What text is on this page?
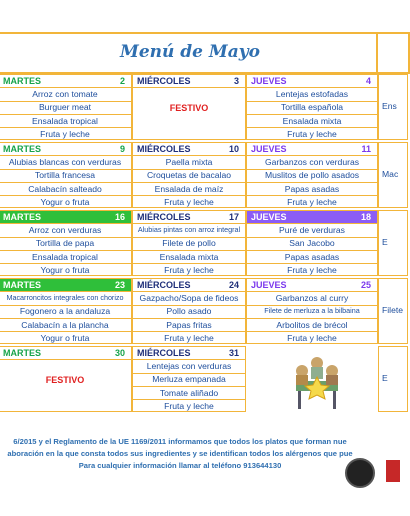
Menú de Mayo
MARTES	2
Arroz con tomate
Burguer meat
Ensalada tropical
Fruta y leche
MIÉRCOLES	3
FESTIVO
JUEVES	4
Lentejas estofadas
Tortilla española
Ensalada mixta
Fruta y leche
Ens
MARTES	9
Alubias blancas con verduras
Tortilla francesa
Calabacín salteado
Yogur o fruta
MIÉRCOLES	10
Paella mixta
Croquetas de bacalao
Ensalada de maíz
Fruta y leche
JUEVES	11
Garbanzos con verduras
Muslitos de pollo asados
Papas asadas
Fruta y leche
Mac
MARTES	16
Arroz con verduras
Tortilla de papa
Ensalada tropical
Yogur o fruta
MIÉRCOLES	17
Alubias pintas con arroz integral
Filete de pollo
Ensalada mixta
Fruta y leche
JUEVES	18
Puré de verduras
San Jacobo
Papas asadas
Fruta y leche
E
MARTES	23
Macarroncitos integrales con chorizo
Fogonero a la andaluza
Calabacín a la plancha
Yogur o fruta
MIÉRCOLES	24
Gazpacho/Sopa de fideos
Pollo asado
Papas fritas
Fruta y leche
JUEVES	25
Garbanzos al curry
Filete de merluza a la bilbaina
Arbolitos de brécol
Fruta y leche
Filete
MARTES	30
FESTIVO
MIÉRCOLES	31
Lentejas con verduras
Merluza empanada
Tomate aliñado
Fruta y leche
E
6/2015 y el Reglamento de la UE 1169/2011 informamos que todos los platos que forman nue
aboración en la que consta todos sus ingredientes y se identifican todos los alérgenos que pue
Para cualquier información llamar al teléfono 913644130
